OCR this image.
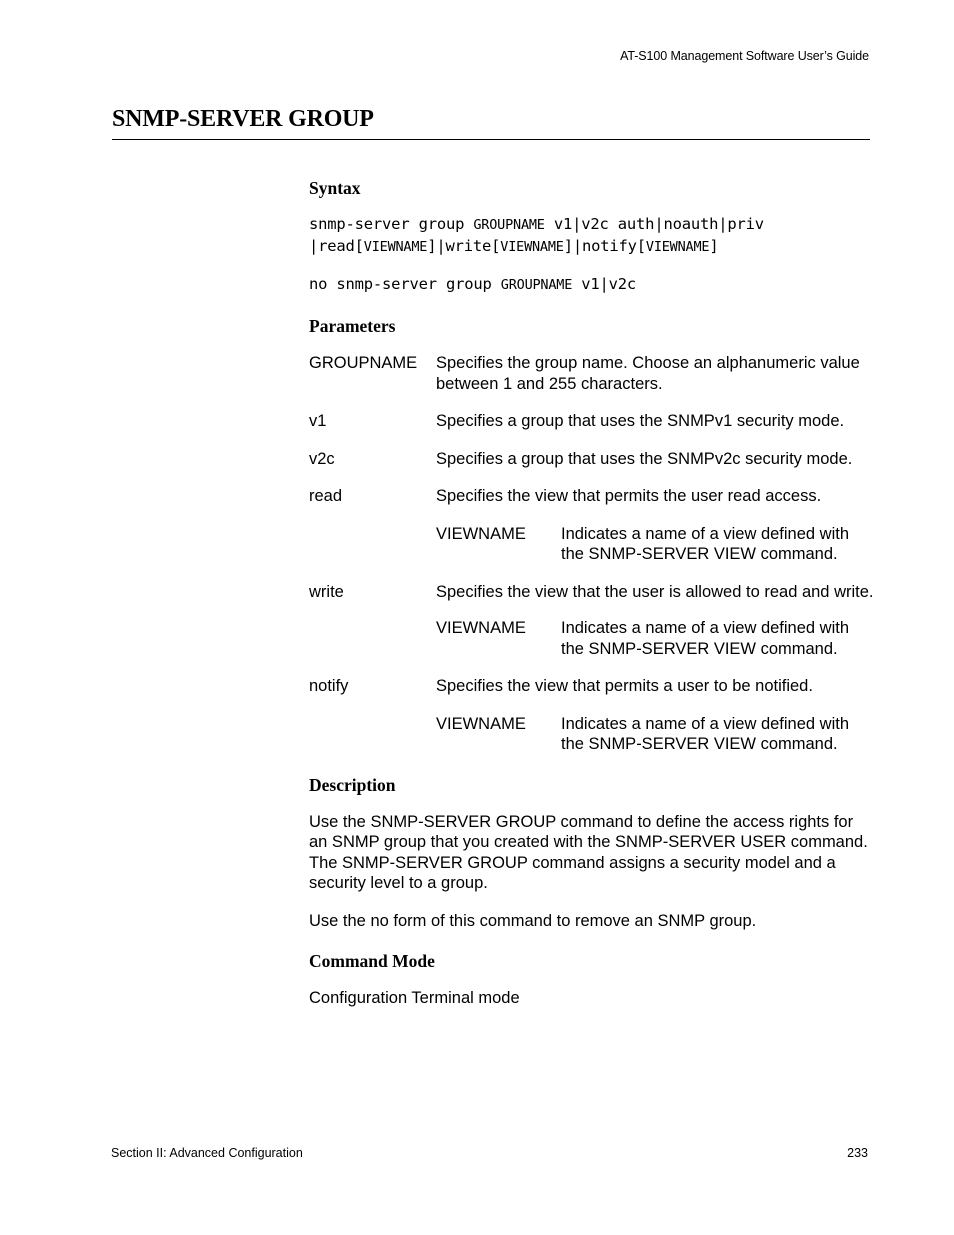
AT-S100 Management Software User’s Guide
SNMP-SERVER GROUP
Syntax
snmp-server group GROUPNAME v1|v2c auth|noauth|priv
|read[VIEWNAME]|write[VIEWNAME]|notify[VIEWNAME]
no snmp-server group GROUPNAME v1|v2c
Parameters
GROUPNAME	Specifies the group name. Choose an alphanumeric value between 1 and 255 characters.
v1	Specifies a group that uses the SNMPv1 security mode.
v2c	Specifies a group that uses the SNMPv2c security mode.
read	Specifies the view that permits the user read access.
VIEWNAME	Indicates a name of a view defined with the SNMP-SERVER VIEW command.
write	Specifies the view that the user is allowed to read and write.
VIEWNAME	Indicates a name of a view defined with the SNMP-SERVER VIEW command.
notify	Specifies the view that permits a user to be notified.
VIEWNAME	Indicates a name of a view defined with the SNMP-SERVER VIEW command.
Description

Use the SNMP-SERVER GROUP command to define the access rights for an SNMP group that you created with the SNMP-SERVER USER command. The SNMP-SERVER GROUP command assigns a security model and a security level to a group.

Use the no form of this command to remove an SNMP group.

Command Mode

Configuration Terminal mode

Section II: Advanced Configuration	233
